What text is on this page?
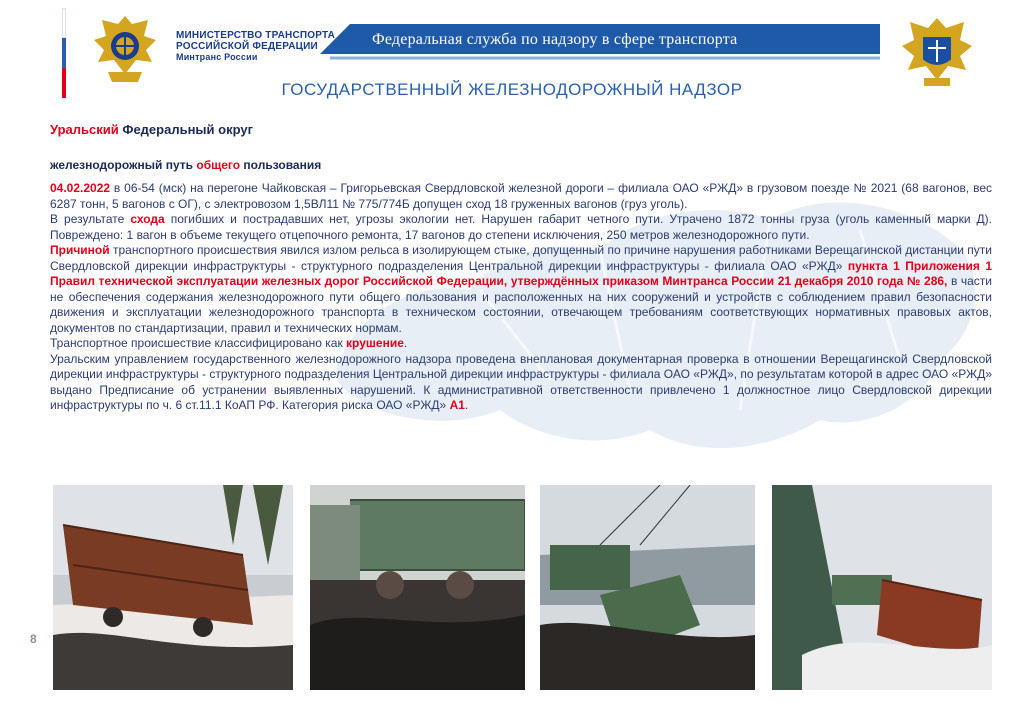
МИНИСТЕРСТВО ТРАНСПОРТА
РОССИЙСКОЙ ФЕДЕРАЦИИ
Минтранс России
Федеральная служба по надзору в сфере транспорта
ГОСУДАРСТВЕННЫЙ ЖЕЛЕЗНОДОРОЖНЫЙ НАДЗОР
Уральский Федеральный округ
железнодорожный путь общего пользования

04.02.2022 в 06-54 (мск) на перегоне Чайковская – Григорьевская Свердловской железной дороги – филиала ОАО «РЖД» в грузовом поезде № 2021 (68 вагонов, вес 6287 тонн, 5 вагонов с ОГ), с электровозом 1,5ВЛ11 № 775/774Б допущен сход 18 груженных вагонов (груз уголь).

В результате схода погибших и пострадавших нет, угрозы экологии нет. Нарушен габарит четного пути. Утрачено 1872 тонны груза (уголь каменный марки Д). Повреждено: 1 вагон в объеме текущего отцепочного ремонта, 17 вагонов до степени исключения, 250 метров железнодорожного пути.

Причиной транспортного происшествия явился излом рельса в изолирующем стыке, допущенный по причине нарушения работниками Верещагинской дистанции пути Свердловской дирекции инфраструктуры - структурного подразделения Центральной дирекции инфраструктуры - филиала ОАО «РЖД» пункта 1 Приложения 1 Правил технической эксплуатации железных дорог Российской Федерации, утверждённых приказом Минтранса России 21 декабря 2010 года № 286, в части не обеспечения содержания железнодорожного пути общего пользования и расположенных на них сооружений и устройств с соблюдением правил безопасности движения и эксплуатации железнодорожного транспорта в техническом состоянии, отвечающем требованиям соответствующих нормативных правовых актов, документов по стандартизации, правил и технических нормам.

Транспортное происшествие классифицировано как крушение.

Уральским управлением государственного железнодорожного надзора проведена внеплановая документарная проверка в отношении Верещагинской Свердловской дирекции инфраструктуры - структурного подразделения Центральной дирекции инфраструктуры - филиала ОАО «РЖД», по результатам которой в адрес ОАО «РЖД» выдано Предписание об устранении выявленных нарушений. К административной ответственности привлечено 1 должностное лицо Свердловской дирекции инфраструктуры по ч. 6 ст.11.1 КоАП РФ. Категория риска ОАО «РЖД» А1.

8
